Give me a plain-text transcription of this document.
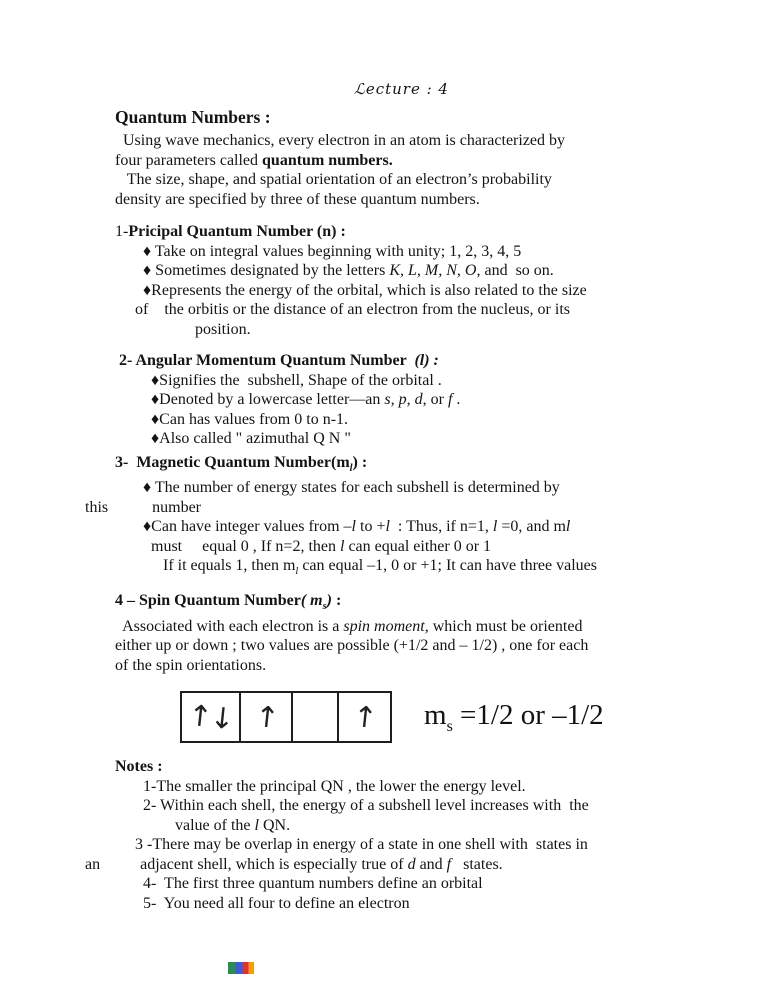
ℒecture : 4
Quantum Numbers :
Using wave mechanics, every electron in an atom is characterized by
four parameters called quantum numbers.
The size, shape, and spatial orientation of an electron’s probability
density are specified by three of these quantum numbers.
1-Pricipal Quantum Number (n) :
♦ Take on integral values beginning with unity; 1, 2, 3, 4, 5
♦ Sometimes designated by the letters K, L, M, N, O, and  so on.
♦Represents the energy of the orbital, which is also related to the size
of    the orbitis or the distance of an electron from the nucleus, or its
position.
2- Angular Momentum Quantum Number  (l) :
♦Signifies the  subshell, Shape of the orbital .
♦Denoted by a lowercase letter—an s, p, d, or f .
♦Can has values from 0 to n-1.
♦Also called " azimuthal Q N "
3-  Magnetic Quantum $Number(m_l)$ :
♦ The number of energy states for each subshell is determined by
this           number
♦Can have integer values from –l to +l  : Thus, if n=1, l =0, and ml
must     equal 0 , If n=2, then l can equal either 0 or 1
If it equals 1, then $m_l$ can equal –1, 0 or +1; It can have three values
4 – Spin Quantum Number( $m_s$) :
Associated with each electron is a spin moment, which must be oriented
either up or down ; two values are possible (+1/2 and – 1/2) , one for each
of the spin orientations.
↑↓ ↑ ↑ $m_s =1/2$ or –1/2
Notes :
1-The smaller the principal QN , the lower the energy level.
2- Within each shell, the energy of a subshell level increases with  the
value of the l QN.
3 -There may be overlap in energy of a state in one shell with  states in
an          adjacent shell, which is especially true of d and f   states.
4-  The first three quantum numbers define an orbital
5-  You need all four to define an electron
